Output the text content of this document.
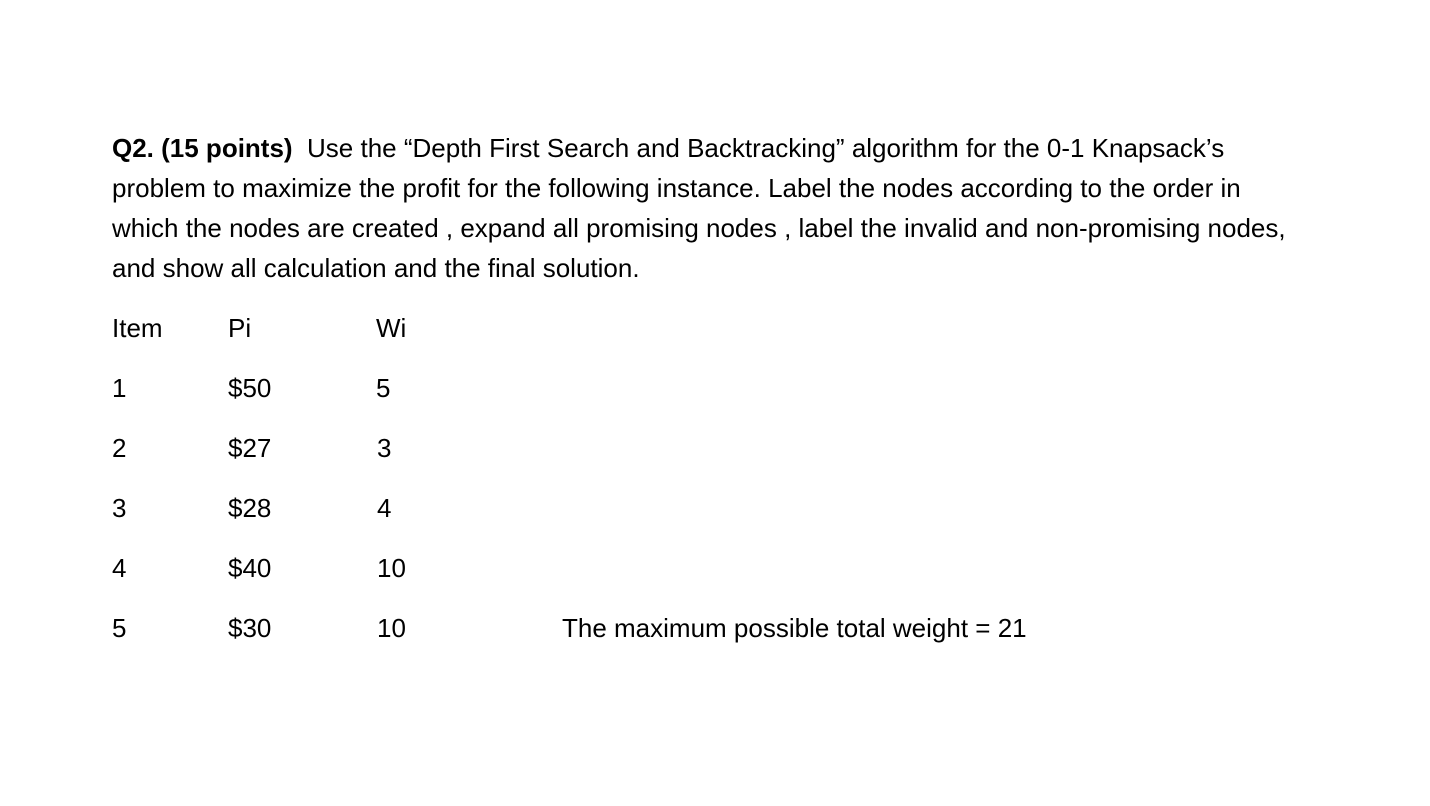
Q2. (15 points) Use the “Depth First Search and Backtracking” algorithm for the 0-1 Knapsack’s problem to maximize the profit for the following instance. Label the nodes according to the order in which the nodes are created , expand all promising nodes , label the invalid and non-promising nodes, and show all calculation and the final solution.
Item	Pi	Wi
1	$50	5
2	$27	3
3	$28	4
4	$40	10
5	$30	10	The maximum possible total weight = 21
